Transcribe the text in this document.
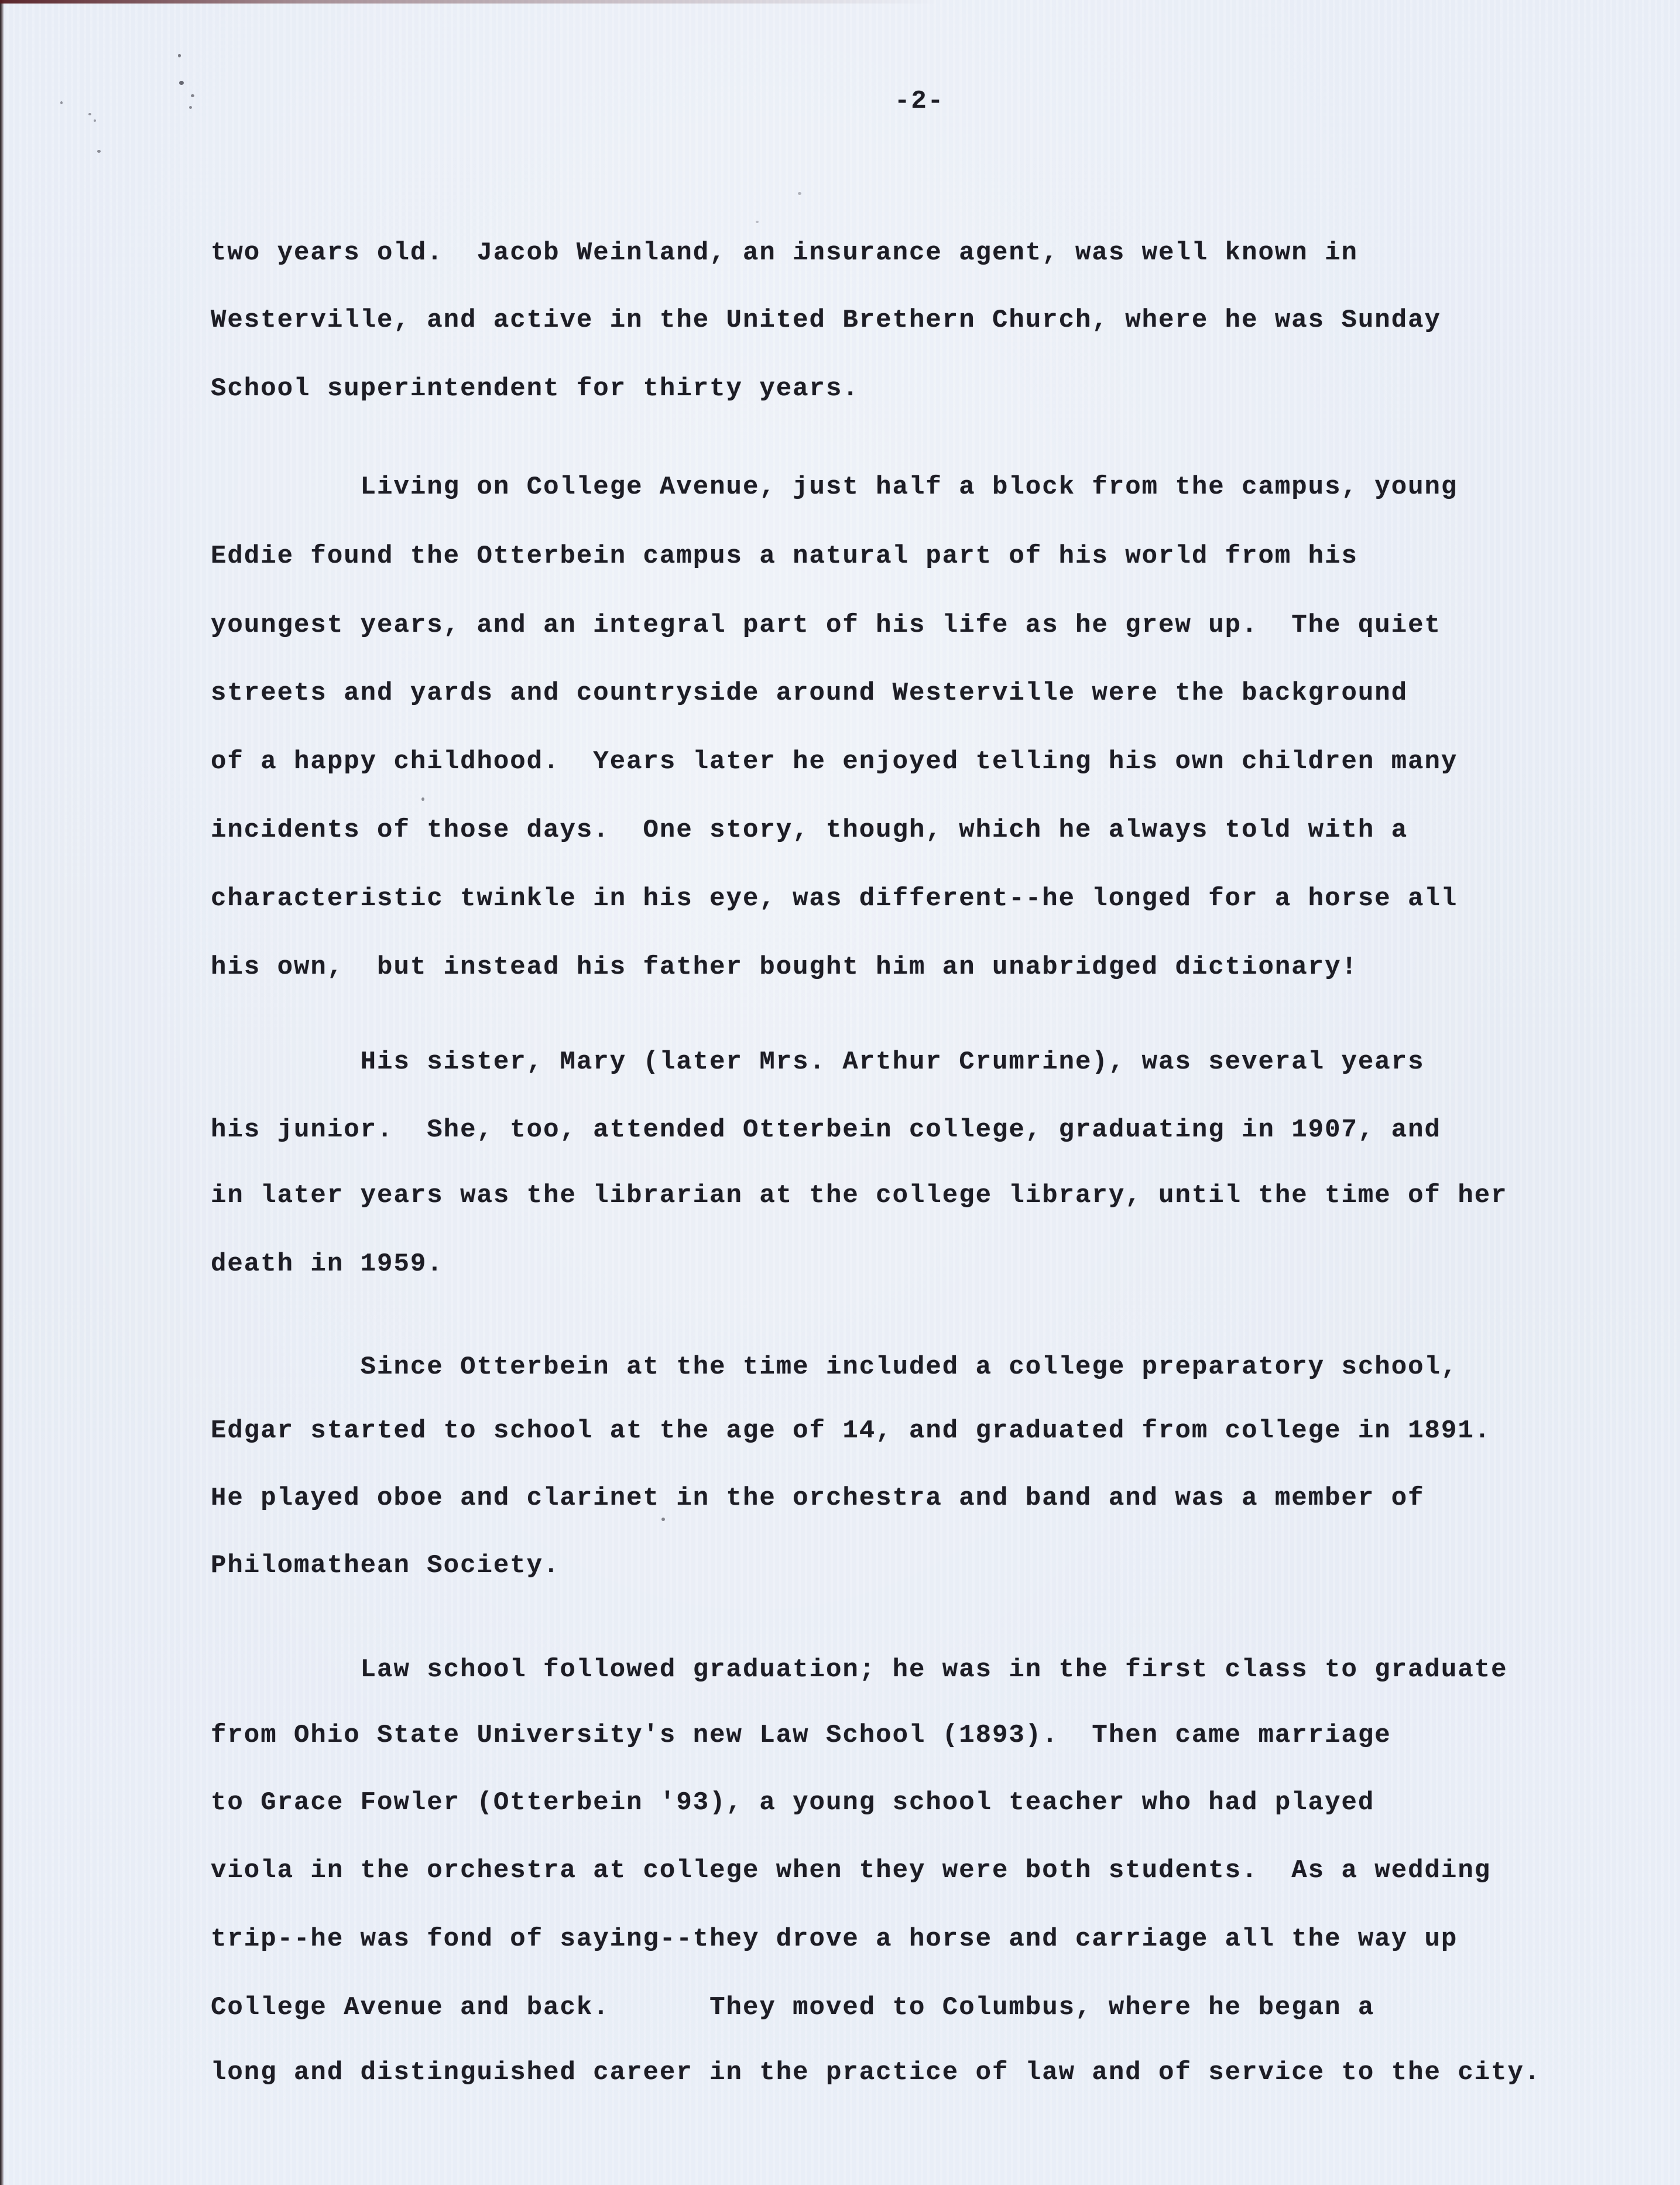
-2-
two years old.  Jacob Weinland, an insurance agent, was well known in
Westerville, and active in the United Brethern Church, where he was Sunday
School superintendent for thirty years.
Living on College Avenue, just half a block from the campus, young
Eddie found the Otterbein campus a natural part of his world from his
youngest years, and an integral part of his life as he grew up.  The quiet
streets and yards and countryside around Westerville were the background
of a happy childhood.  Years later he enjoyed telling his own children many
incidents of those days.  One story, though, which he always told with a
characteristic twinkle in his eye, was different--he longed for a horse all
his own,  but instead his father bought him an unabridged dictionary!
His sister, Mary (later Mrs. Arthur Crumrine), was several years
his junior.  She, too, attended Otterbein college, graduating in 1907, and
in later years was the librarian at the college library, until the time of her
death in 1959.
Since Otterbein at the time included a college preparatory school,
Edgar started to school at the age of 14, and graduated from college in 1891.
He played oboe and clarinet in the orchestra and band and was a member of
Philomathean Society.
Law school followed graduation; he was in the first class to graduate
from Ohio State University's new Law School (1893).  Then came marriage
to Grace Fowler (Otterbein '93), a young school teacher who had played
viola in the orchestra at college when they were both students.  As a wedding
trip--he was fond of saying--they drove a horse and carriage all the way up
College Avenue and back.      They moved to Columbus, where he began a
long and distinguished career in the practice of law and of service to the city.
